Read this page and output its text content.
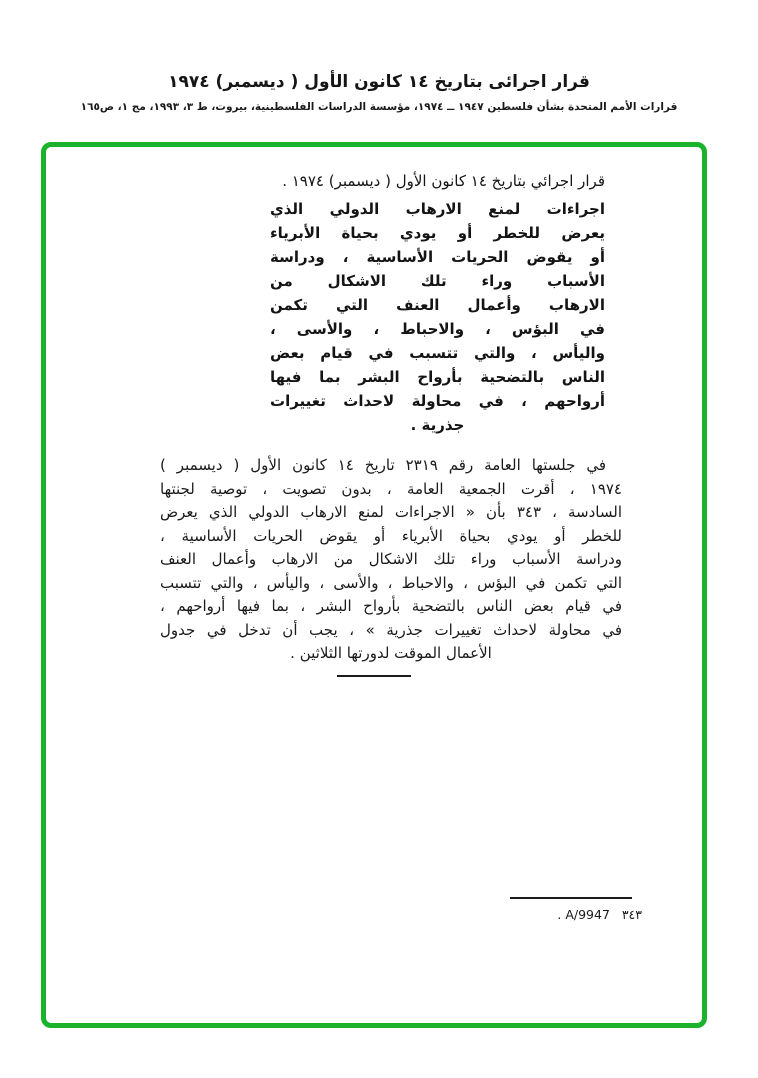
قرار اجرائى بتاريخ ١٤ كانون الأول ( ديسمبر) ١٩٧٤
قرارات الأمم المتحدة بشأن فلسطين ١٩٤٧ ــ ١٩٧٤، مؤسسة الدراسات الفلسطينية، بيروت، ط ٣، ١٩٩٣، مج ١، ص١٦٥
قرار اجرائي بتاريخ ١٤ كانون الأول ( ديسمبر) ١٩٧٤ .
اجراءات لمنع الارهاب الدولي الذي
يعرض للخطر أو يودي بحياة الأبرياء
أو يقوض الحريات الأساسية ، ودراسة
الأسباب وراء تلك الاشكال من
الارهاب وأعمال العنف التي تكمن
في البؤس ، والاحباط ، والأسى ،
واليأس ، والتي تتسبب في قيام بعض
الناس بالتضحية بأرواح البشر بما فيها
أرواحهم ، في محاولة لاحداث تغييرات
جذرية .
في جلستها العامة رقم ٢٣١٩ تاريخ ١٤ كانون الأول ( ديسمبر )
١٩٧٤ ، أقرت الجمعية العامة ، بدون تصويت ، توصية لجنتها
السادسة ، ٣٤٣ بأن « الاجراءات لمنع الارهاب الدولي الذي يعرض
للخطر أو يودي بحياة الأبرياء أو يقوض الحريات الأساسية ،
ودراسة الأسباب وراء تلك الاشكال من الارهاب وأعمال العنف
التي تكمن في البؤس ، والاحباط ، والأسى ، واليأس ، والتي تتسبب
في قيام بعض الناس بالتضحية بأرواح البشر ، بما فيها أرواحهم ،
في محاولة لاحداث تغييرات جذرية » ، يجب أن تدخل في جدول
الأعمال الموقت لدورتها الثلاثين .
٣٤٣   A/9947 .
